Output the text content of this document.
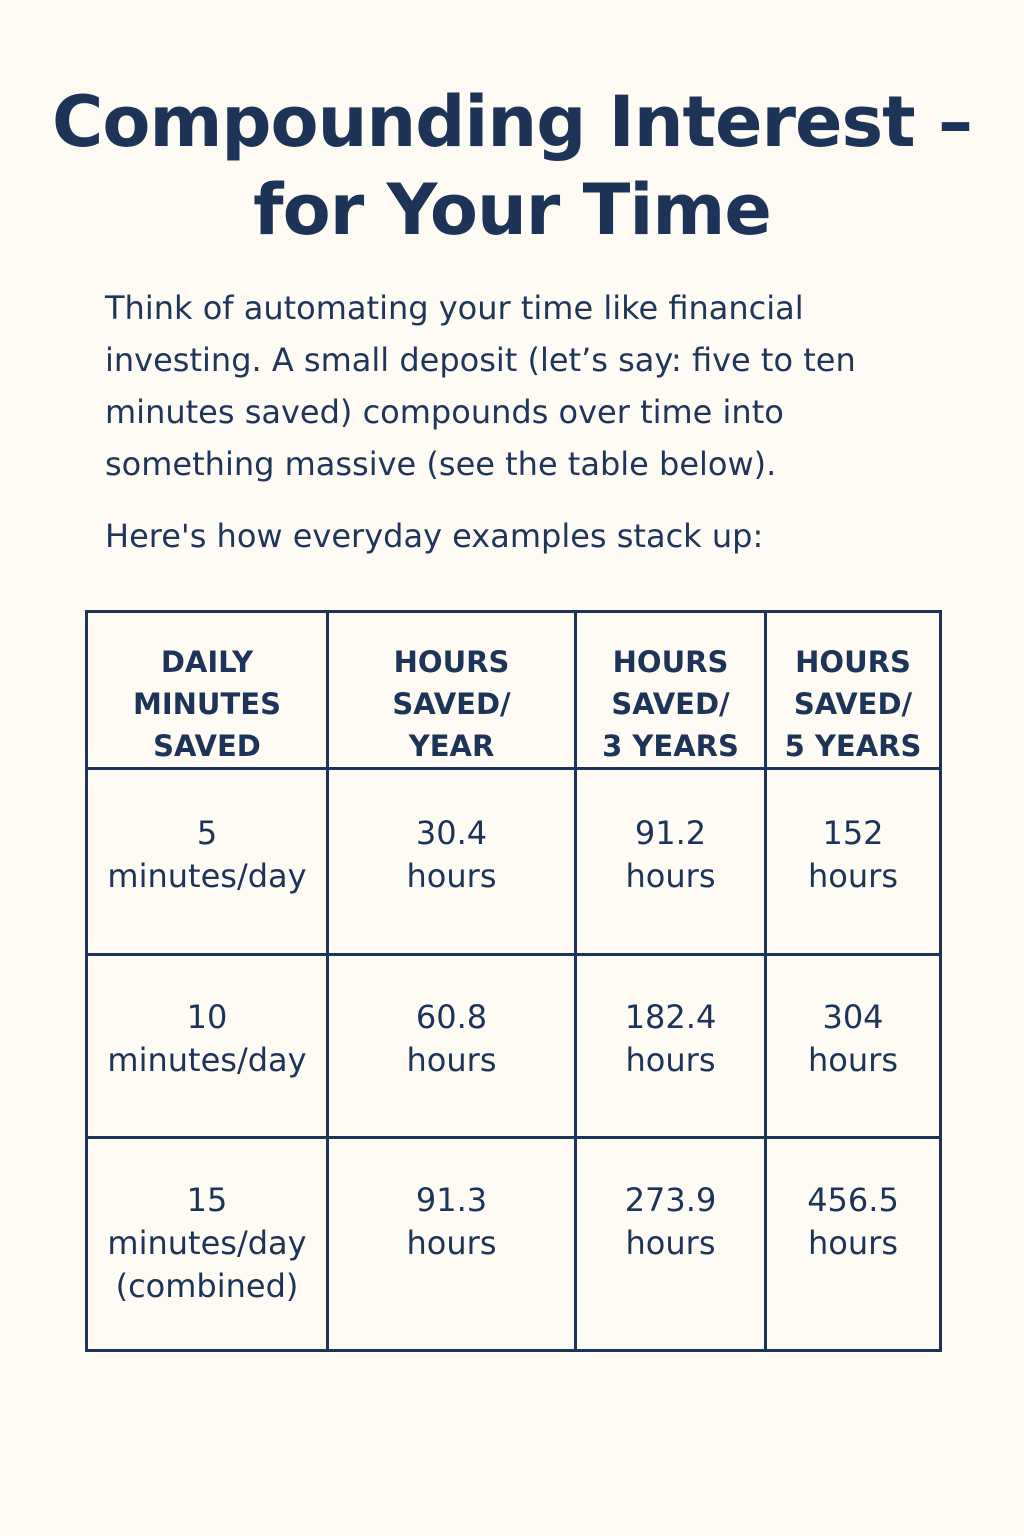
Compounding Interest –
for Your Time

Think of automating your time like financial investing. A small deposit (let’s say: five to ten minutes saved) compounds over time into something massive (see the table below).

Here's how everyday examples stack up:

DAILY
MINUTES
SAVED	HOURS
SAVED/
YEAR	HOURS
SAVED/
3 YEARS	HOURS
SAVED/
5 YEARS

5
minutes/day	30.4
hours	91.2
hours	152
hours

10
minutes/day	60.8
hours	182.4
hours	304
hours

15
minutes/day
(combined)	91.3
hours	273.9
hours	456.5
hours
